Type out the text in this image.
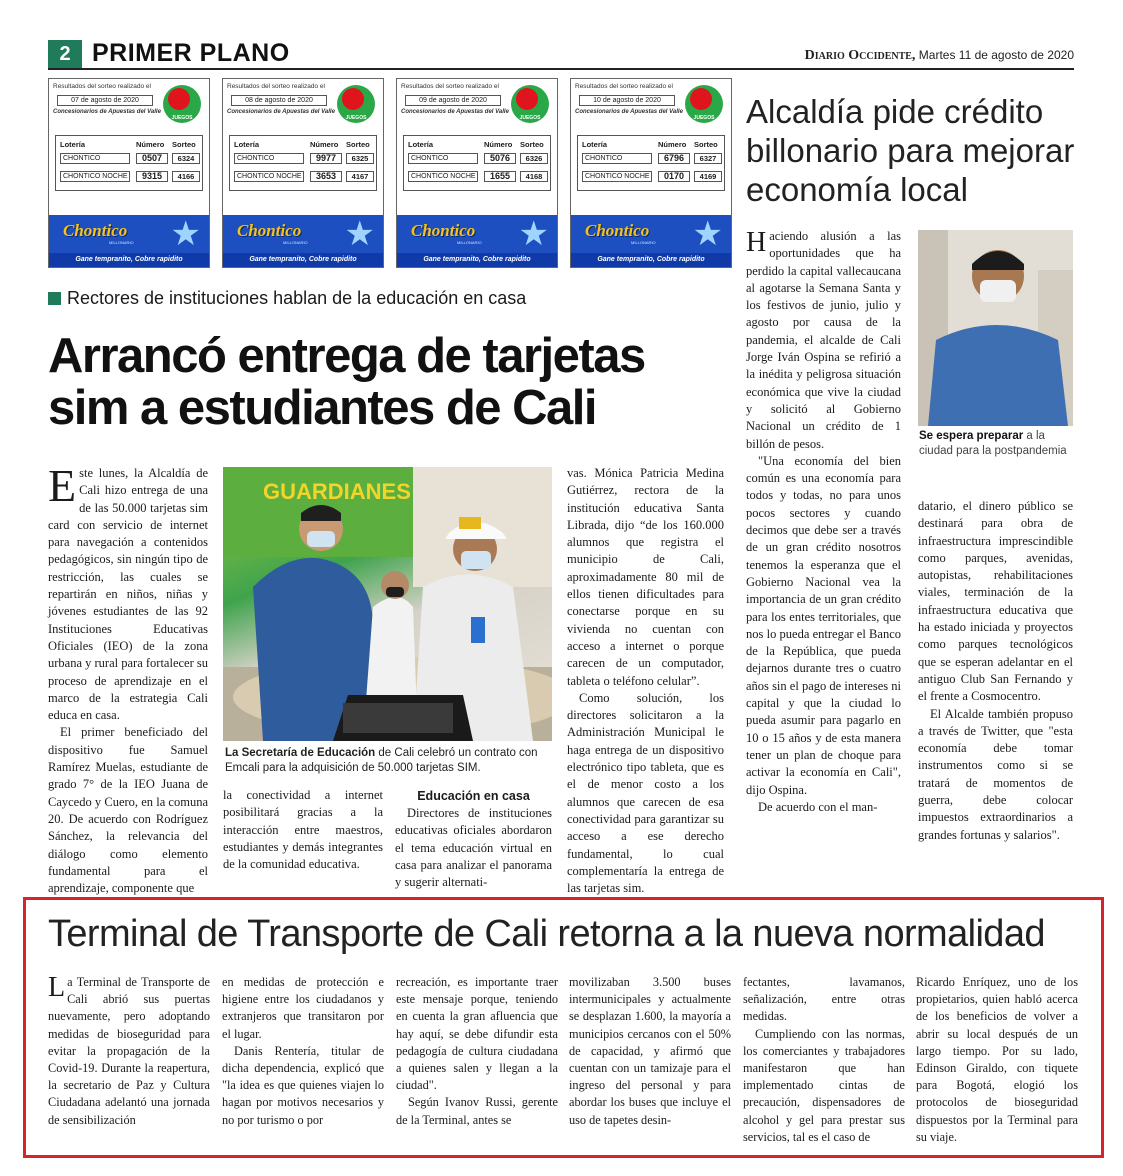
2 PRIMER PLANO	Diario Occidente, Martes 11 de agosto de 2020
Resultados del sorteo realizado el
07 de agosto de 2020
Concesionarios de Apuestas del Valle
JUEGOS
Lotería	Número Sorteo
CHONTICO	0507	6324
CHONTICO NOCHE	9315	4166
★
Chontico
MILLONARIO
Gane tempranito, Cobre rapidito
Resultados del sorteo realizado el
08 de agosto de 2020
Concesionarios de Apuestas del Valle
JUEGOS
Lotería	Número Sorteo
CHONTICO	9977	6325
CHONTICO NOCHE	3653	4167
★
Chontico
MILLONARIO
Gane tempranito, Cobre rapidito
Resultados del sorteo realizado el
09 de agosto de 2020
Concesionarios de Apuestas del Valle
JUEGOS
Lotería	Número Sorteo
CHONTICO	5076	6326
CHONTICO NOCHE	1655	4168
★
Chontico
MILLONARIO
Gane tempranito, Cobre rapidito
Resultados del sorteo realizado el
10 de agosto de 2020
Concesionarios de Apuestas del Valle
JUEGOS
Lotería	Número Sorteo
CHONTICO	6796	6327
CHONTICO NOCHE	0170	4169
★
Chontico
MILLONARIO
Gane tempranito, Cobre rapidito
Rectores de instituciones hablan de la educación en casa
Arrancó entrega de tarjetas sim a estudiantes de Cali

Este lunes, la Alcaldía de Cali hizo entrega de una de las 50.000 tarjetas sim card con servicio de internet para navegación a contenidos pedagógicos, sin ningún tipo de restricción, las cuales se repartirán en niños, niñas y jóvenes estudiantes de las 92 Instituciones Educativas Oficiales (IEO) de la zona urbana y rural para fortalecer su proceso de aprendizaje en el marco de la estrategia Cali educa en casa.

El primer beneficiado del dispositivo fue Samuel Ramírez Muelas, estudiante de grado 7° de la IEO Juana de Caycedo y Cuero, en la comuna 20. De acuerdo con Rodríguez Sánchez, la relevancia del diálogo como elemento fundamental para el aprendizaje, componente que

GUARDIANES
La Secretaría de Educación de Cali celebró un contrato con Emcali para la adquisición de 50.000 tarjetas SIM.

la conectividad a internet posibilitará gracias a la interacción entre maestros, estudiantes y demás integrantes de la comunidad educativa.

Educación en casa

Directores de instituciones educativas oficiales abordaron el tema educación virtual en casa para analizar el panorama y sugerir alternati-

vas. Mónica Patricia Medina Gutiérrez, rectora de la institución educativa Santa Librada, dijo “de los 160.000 alumnos que registra el municipio de Cali, aproximadamente 80 mil de ellos tienen dificultades para conectarse porque en su vivienda no cuentan con acceso a internet o porque carecen de un computador, tableta o teléfono celular”.

Como solución, los directores solicitaron a la Administración Municipal le haga entrega de un dispositivo electrónico tipo tableta, que es el de menor costo a los alumnos que carecen de esa conectividad para garantizar su acceso a ese derecho fundamental, lo cual complementaría la entrega de las tarjetas sim.

Alcaldía pide crédito billonario para mejorar economía local

Haciendo alusión a las oportunidades que ha perdido la capital vallecaucana al agotarse la Semana Santa y los festivos de junio, julio y agosto por causa de la pandemia, el alcalde de Cali Jorge Iván Ospina se refirió a la inédita y peligrosa situación económica que vive la ciudad y solicitó al Gobierno Nacional un crédito de 1 billón de pesos.

"Una economía del bien común es una economía para todos y todas, no para unos pocos sectores y cuando decimos que debe ser a través de un gran crédito nosotros tenemos la esperanza que el Gobierno Nacional vea la importancia de un gran crédito para los entes territoriales, que nos lo pueda entregar el Banco de la República, que pueda dejarnos durante tres o cuatro años sin el pago de intereses ni capital y que la ciudad lo pueda asumir para pagarlo en 10 o 15 años y de esta manera tener un plan de choque para activar la economía en Cali", dijo Ospina.

De acuerdo con el man-

Se espera preparar a la ciudad para la postpandemia

datario, el dinero público se destinará para obra de infraestructura imprescindible como parques, avenidas, autopistas, rehabilitaciones viales, terminación de la infraestructura educativa que ha estado iniciada y proyectos como parques tecnológicos que se esperan adelantar en el antiguo Club San Fernando y el frente a Cosmocentro.

El Alcalde también propuso a través de Twitter, que "esta economía debe tomar instrumentos como si se tratará de momentos de guerra, debe colocar impuestos extraordinarios a grandes fortunas y salarios".

Terminal de Transporte de Cali retorna a la nueva normalidad

La Terminal de Transporte de Cali abrió sus puertas nuevamente, pero adoptando medidas de bioseguridad para evitar la propagación de la Covid-19. Durante la reapertura, la secretario de Paz y Cultura Ciudadana adelantó una jornada de sensibilización

en medidas de protección e higiene entre los ciudadanos y extranjeros que transitaron por el lugar.

Danis Rentería, titular de dicha dependencia, explicó que "la idea es que quienes viajen lo hagan por motivos necesarios y no por turismo o por

recreación, es importante traer este mensaje porque, teniendo en cuenta la gran afluencia que hay aquí, se debe difundir esta pedagogía de cultura ciudadana a quienes salen y llegan a la ciudad".

Según Ivanov Russi, gerente de la Terminal, antes se

movilizaban 3.500 buses intermunicipales y actualmente se desplazan 1.600, la mayoría a municipios cercanos con el 50% de capacidad, y afirmó que cuentan con un tamizaje para el ingreso del personal y para abordar los buses que incluye el uso de tapetes desin-

fectantes, lavamanos, señalización, entre otras medidas.

Cumpliendo con las normas, los comerciantes y trabajadores manifestaron que han implementado cintas de precaución, dispensadores de alcohol y gel para prestar sus servicios, tal es el caso de

Ricardo Enríquez, uno de los propietarios, quien habló acerca de los beneficios de volver a abrir su local después de un largo tiempo. Por su lado, Edinson Giraldo, con tiquete para Bogotá, elogió los protocolos de bioseguridad dispuestos por la Terminal para su viaje.
